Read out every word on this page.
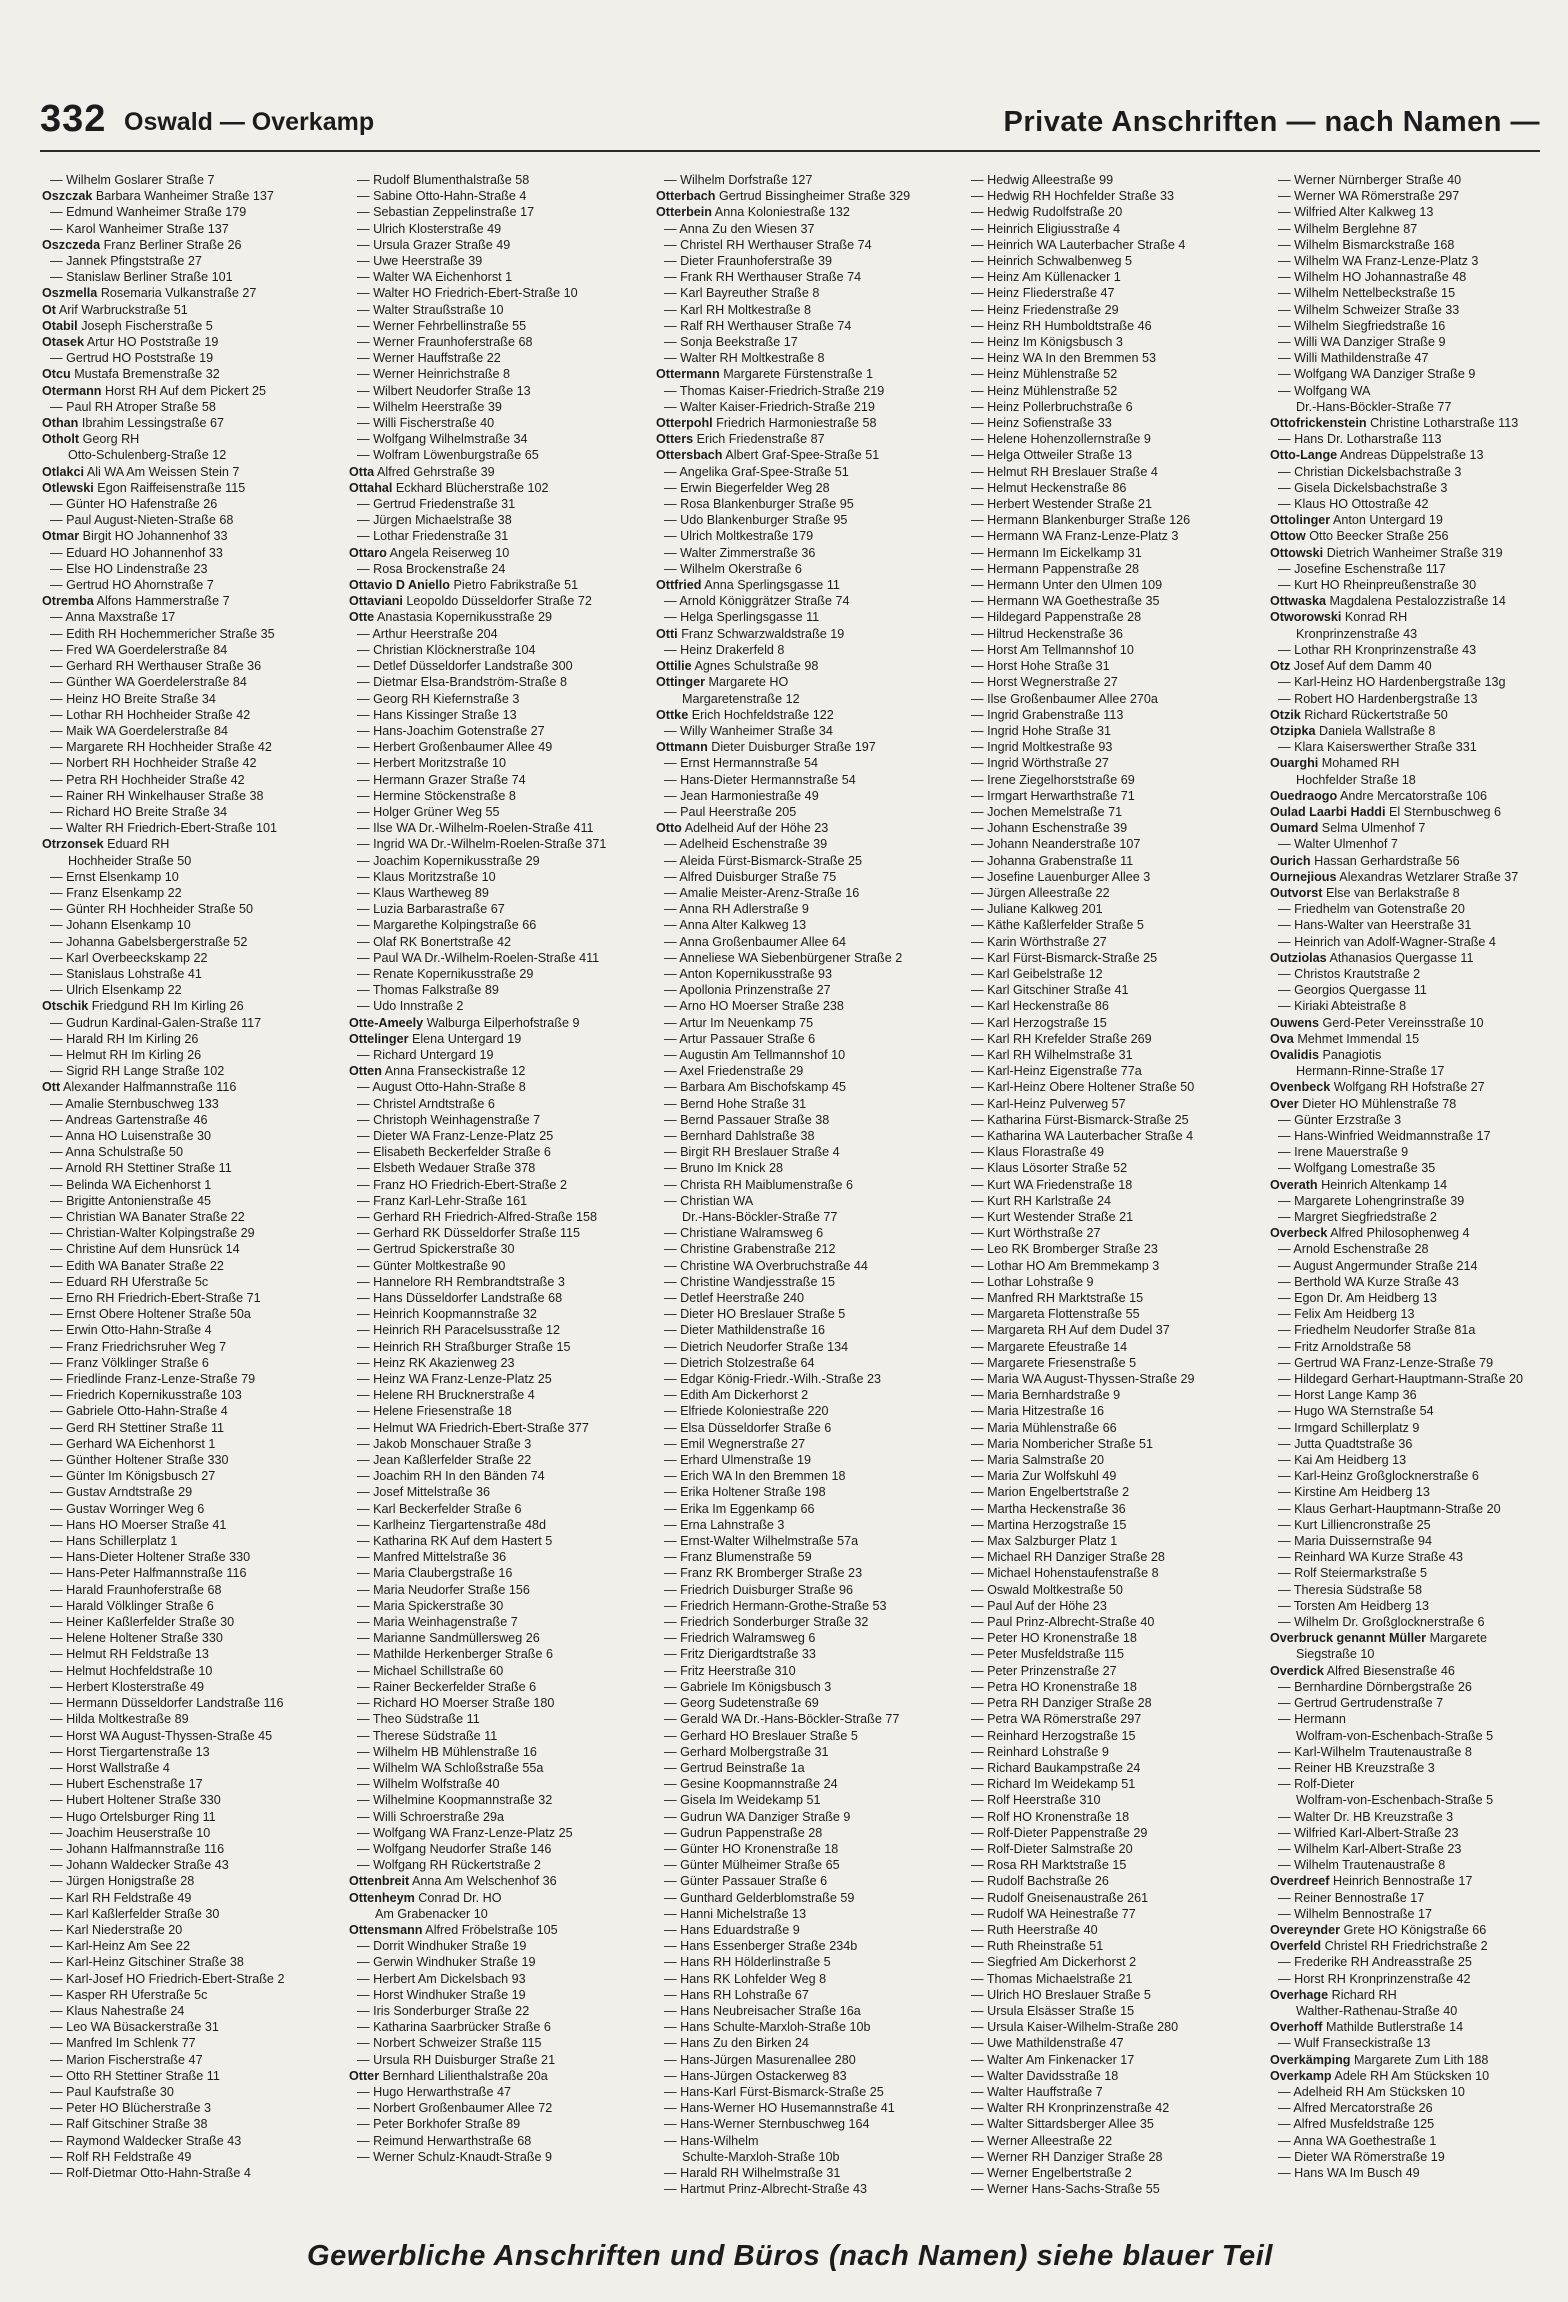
332 Oswald — Overkamp	Private Anschriften — nach Namen —
— Wilhelm Goslarer Straße 7
Oszczak Barbara Wanheimer Straße 137
— Edmund Wanheimer Straße 179
— Karol Wanheimer Straße 137
Oszczeda Franz Berliner Straße 26
— Jannek Pfingststraße 27
— Stanislaw Berliner Straße 101
Oszmella Rosemaria Vulkanstraße 27
Ot Arif Warbruckstraße 51
Otabil Joseph Fischerstraße 5
Otasek Artur HO Poststraße 19
— Gertrud HO Poststraße 19
Otcu Mustafa Bremenstraße 32
Otermann Horst RH Auf dem Pickert 25
— Paul RH Atroper Straße 58
Othan Ibrahim Lessingstraße 67
Otholt Georg RH
Otto-Schulenberg-Straße 12
Otlakci Ali WA Am Weissen Stein 7
Otlewski Egon Raiffeisenstraße 115
— Günter HO Hafenstraße 26
— Paul August-Nieten-Straße 68
Otmar Birgit HO Johannenhof 33
— Eduard HO Johannenhof 33
— Else HO Lindenstraße 23
— Gertrud HO Ahornstraße 7
Otremba Alfons Hammerstraße 7
— Anna Maxstraße 17
— Edith RH Hochemmericher Straße 35
— Fred WA Goerdelerstraße 84
— Gerhard RH Werthauser Straße 36
— Günther WA Goerdelerstraße 84
— Heinz HO Breite Straße 34
— Lothar RH Hochheider Straße 42
— Maik WA Goerdelerstraße 84
— Margarete RH Hochheider Straße 42
— Norbert RH Hochheider Straße 42
— Petra RH Hochheider Straße 42
— Rainer RH Winkelhauser Straße 38
— Richard HO Breite Straße 34
— Walter RH Friedrich-Ebert-Straße 101
Otrzonsek Eduard RH
Hochheider Straße 50
— Ernst Elsenkamp 10
— Franz Elsenkamp 22
— Günter RH Hochheider Straße 50
— Johann Elsenkamp 10
— Johanna Gabelsbergerstraße 52
— Karl Overbeeckskamp 22
— Stanislaus Lohstraße 41
— Ulrich Elsenkamp 22
Otschik Friedgund RH Im Kirling 26
— Gudrun Kardinal-Galen-Straße 117
— Harald RH Im Kirling 26
— Helmut RH Im Kirling 26
— Sigrid RH Lange Straße 102
Ott Alexander Halfmannstraße 116
— Amalie Sternbuschweg 133
— Andreas Gartenstraße 46
— Anna HO Luisenstraße 30
— Anna Schulstraße 50
— Arnold RH Stettiner Straße 11
— Belinda WA Eichenhorst 1
— Brigitte Antonienstraße 45
— Christian WA Banater Straße 22
— Christian-Walter Kolpingstraße 29
— Christine Auf dem Hunsrück 14
— Edith WA Banater Straße 22
— Eduard RH Uferstraße 5c
— Erno RH Friedrich-Ebert-Straße 71
— Ernst Obere Holtener Straße 50a
— Erwin Otto-Hahn-Straße 4
— Franz Friedrichsruher Weg 7
— Franz Völklinger Straße 6
— Friedlinde Franz-Lenze-Straße 79
— Friedrich Kopernikusstraße 103
— Gabriele Otto-Hahn-Straße 4
— Gerd RH Stettiner Straße 11
— Gerhard WA Eichenhorst 1
— Günther Holtener Straße 330
— Günter Im Königsbusch 27
— Gustav Arndtstraße 29
— Gustav Worringer Weg 6
— Hans HO Moerser Straße 41
— Hans Schillerplatz 1
— Hans-Dieter Holtener Straße 330
— Hans-Peter Halfmannstraße 116
— Harald Fraunhoferstraße 68
— Harald Völklinger Straße 6
— Heiner Kaßlerfelder Straße 30
— Helene Holtener Straße 330
— Helmut RH Feldstraße 13
— Helmut Hochfeldstraße 10
— Herbert Klosterstraße 49
— Hermann Düsseldorfer Landstraße 116
— Hilda Moltkestraße 89
— Horst WA August-Thyssen-Straße 45
— Horst Tiergartenstraße 13
— Horst Wallstraße 4
— Hubert Eschenstraße 17
— Hubert Holtener Straße 330
— Hugo Ortelsburger Ring 11
— Joachim Heuserstraße 10
— Johann Halfmannstraße 116
— Johann Waldecker Straße 43
— Jürgen Honigstraße 28
— Karl RH Feldstraße 49
— Karl Kaßlerfelder Straße 30
— Karl Niederstraße 20
— Karl-Heinz Am See 22
— Karl-Heinz Gitschiner Straße 38
— Karl-Josef HO Friedrich-Ebert-Straße 2
— Kasper RH Uferstraße 5c
— Klaus Nahestraße 24
— Leo WA Büsackerstraße 31
— Manfred Im Schlenk 77
— Marion Fischerstraße 47
— Otto RH Stettiner Straße 11
— Paul Kaufstraße 30
— Peter HO Blücherstraße 3
— Ralf Gitschiner Straße 38
— Raymond Waldecker Straße 43
— Rolf RH Feldstraße 49
— Rolf-Dietmar Otto-Hahn-Straße 4
— Rudolf Blumenthalstraße 58
— Sabine Otto-Hahn-Straße 4
— Sebastian Zeppelinstraße 17
— Ulrich Klosterstraße 49
— Ursula Grazer Straße 49
— Uwe Heerstraße 39
— Walter WA Eichenhorst 1
— Walter HO Friedrich-Ebert-Straße 10
— Walter Straußstraße 10
— Werner Fehrbellinstraße 55
— Werner Fraunhoferstraße 68
— Werner Hauffstraße 22
— Werner Heinrichstraße 8
— Wilbert Neudorfer Straße 13
— Wilhelm Heerstraße 39
— Willi Fischerstraße 40
— Wolfgang Wilhelmstraße 34
— Wolfram Löwenburgstraße 65
Otta Alfred Gehrstraße 39
Ottahal Eckhard Blücherstraße 102
— Gertrud Friedenstraße 31
— Jürgen Michaelstraße 38
— Lothar Friedenstraße 31
Ottaro Angela Reiserweg 10
— Rosa Brockenstraße 24
Ottavio D Aniello Pietro Fabrikstraße 51
Ottaviani Leopoldo Düsseldorfer Straße 72
Otte Anastasia Kopernikusstraße 29
— Arthur Heerstraße 204
— Christian Klöcknerstraße 104
— Detlef Düsseldorfer Landstraße 300
— Dietmar Elsa-Brandström-Straße 8
— Georg RH Kiefernstraße 3
— Hans Kissinger Straße 13
— Hans-Joachim Gotenstraße 27
— Herbert Großenbaumer Allee 49
— Herbert Moritzstraße 10
— Hermann Grazer Straße 74
— Hermine Stöckenstraße 8
— Holger Grüner Weg 55
— Ilse WA Dr.-Wilhelm-Roelen-Straße 411
— Ingrid WA Dr.-Wilhelm-Roelen-Straße 371
— Joachim Kopernikusstraße 29
— Klaus Moritzstraße 10
— Klaus Wartheweg 89
— Luzia Barbarastraße 67
— Margarethe Kolpingstraße 66
— Olaf RK Bonertstraße 42
— Paul WA Dr.-Wilhelm-Roelen-Straße 411
— Renate Kopernikusstraße 29
— Thomas Falkstraße 89
— Udo Innstraße 2
Otte-Ameely Walburga Eilperhofstraße 9
Ottelinger Elena Untergard 19
— Richard Untergard 19
Otten Anna Franseckistraße 12
— August Otto-Hahn-Straße 8
— Christel Arndtstraße 6
— Christoph Weinhagenstraße 7
— Dieter WA Franz-Lenze-Platz 25
— Elisabeth Beckerfelder Straße 6
— Elsbeth Wedauer Straße 378
— Franz HO Friedrich-Ebert-Straße 2
— Franz Karl-Lehr-Straße 161
— Gerhard RH Friedrich-Alfred-Straße 158
— Gerhard RK Düsseldorfer Straße 115
— Gertrud Spickerstraße 30
— Günter Moltkestraße 90
— Hannelore RH Rembrandtstraße 3
— Hans Düsseldorfer Landstraße 68
— Heinrich Koopmannstraße 32
— Heinrich RH Paracelsusstraße 12
— Heinrich RH Straßburger Straße 15
— Heinz RK Akazienweg 23
— Heinz WA Franz-Lenze-Platz 25
— Helene RH Brucknerstraße 4
— Helene Friesenstraße 18
— Helmut WA Friedrich-Ebert-Straße 377
— Jakob Monschauer Straße 3
— Jean Kaßlerfelder Straße 22
— Joachim RH In den Bänden 74
— Josef Mittelstraße 36
— Karl Beckerfelder Straße 6
— Karlheinz Tiergartenstraße 48d
— Katharina RK Auf dem Hastert 5
— Manfred Mittelstraße 36
— Maria Claubergstraße 16
— Maria Neudorfer Straße 156
— Maria Spickerstraße 30
— Maria Weinhagenstraße 7
— Marianne Sandmüllersweg 26
— Mathilde Herkenberger Straße 6
— Michael Schillstraße 60
— Rainer Beckerfelder Straße 6
— Richard HO Moerser Straße 180
— Theo Südstraße 11
— Therese Südstraße 11
— Wilhelm HB Mühlenstraße 16
— Wilhelm WA Schloßstraße 55a
— Wilhelm Wolfstraße 40
— Wilhelmine Koopmannstraße 32
— Willi Schroerstraße 29a
— Wolfgang WA Franz-Lenze-Platz 25
— Wolfgang Neudorfer Straße 146
— Wolfgang RH Rückertstraße 2
Ottenbreit Anna Am Welschenhof 36
Ottenheym Conrad Dr. HO
Am Grabenacker 10
Ottensmann Alfred Fröbelstraße 105
— Dorrit Windhuker Straße 19
— Gerwin Windhuker Straße 19
— Herbert Am Dickelsbach 93
— Horst Windhuker Straße 19
— Iris Sonderburger Straße 22
— Katharina Saarbrücker Straße 6
— Norbert Schweizer Straße 115
— Ursula RH Duisburger Straße 21
Otter Bernhard Lilienthalstraße 20a
— Hugo Herwarthstraße 47
— Norbert Großenbaumer Allee 72
— Peter Borkhofer Straße 89
— Reimund Herwarthstraße 68
— Werner Schulz-Knaudt-Straße 9
— Wilhelm Dorfstraße 127
Otterbach Gertrud Bissingheimer Straße 329
Otterbein Anna Koloniestraße 132
— Anna Zu den Wiesen 37
— Christel RH Werthauser Straße 74
— Dieter Fraunhoferstraße 39
— Frank RH Werthauser Straße 74
— Karl Bayreuther Straße 8
— Karl RH Moltkestraße 8
— Ralf RH Werthauser Straße 74
— Sonja Beekstraße 17
— Walter RH Moltkestraße 8
Ottermann Margarete Fürstenstraße 1
— Thomas Kaiser-Friedrich-Straße 219
— Walter Kaiser-Friedrich-Straße 219
Otterpohl Friedrich Harmoniestraße 58
Otters Erich Friedenstraße 87
Ottersbach Albert Graf-Spee-Straße 51
— Angelika Graf-Spee-Straße 51
— Erwin Biegerfelder Weg 28
— Rosa Blankenburger Straße 95
— Udo Blankenburger Straße 95
— Ulrich Moltkestraße 179
— Walter Zimmerstraße 36
— Wilhelm Okerstraße 6
Ottfried Anna Sperlingsgasse 11
— Arnold Königgrätzer Straße 74
— Helga Sperlingsgasse 11
Otti Franz Schwarzwaldstraße 19
— Heinz Drakerfeld 8
Ottilie Agnes Schulstraße 98
Ottinger Margarete HO
Margaretenstraße 12
Ottke Erich Hochfeldstraße 122
— Willy Wanheimer Straße 34
Ottmann Dieter Duisburger Straße 197
— Ernst Hermannstraße 54
— Hans-Dieter Hermannstraße 54
— Jean Harmoniestraße 49
— Paul Heerstraße 205
Otto Adelheid Auf der Höhe 23
— Adelheid Eschenstraße 39
— Aleida Fürst-Bismarck-Straße 25
— Alfred Duisburger Straße 75
— Amalie Meister-Arenz-Straße 16
— Anna RH Adlerstraße 9
— Anna Alter Kalkweg 13
— Anna Großenbaumer Allee 64
— Anneliese WA Siebenbürgener Straße 2
— Anton Kopernikusstraße 93
— Apollonia Prinzenstraße 27
— Arno HO Moerser Straße 238
— Artur Im Neuenkamp 75
— Artur Passauer Straße 6
— Augustin Am Tellmannshof 10
— Axel Friedenstraße 29
— Barbara Am Bischofskamp 45
— Bernd Hohe Straße 31
— Bernd Passauer Straße 38
— Bernhard Dahlstraße 38
— Birgit RH Breslauer Straße 4
— Bruno Im Knick 28
— Christa RH Maiblumenstraße 6
— Christian WA
Dr.-Hans-Böckler-Straße 77
— Christiane Walramsweg 6
— Christine Grabenstraße 212
— Christine WA Overbruchstraße 44
— Christine Wandjesstraße 15
— Detlef Heerstraße 240
— Dieter HO Breslauer Straße 5
— Dieter Mathildenstraße 16
— Dietrich Neudorfer Straße 134
— Dietrich Stolzestraße 64
— Edgar König-Friedr.-Wilh.-Straße 23
— Edith Am Dickerhorst 2
— Elfriede Koloniestraße 220
— Elsa Düsseldorfer Straße 6
— Emil Wegnerstraße 27
— Erhard Ulmenstraße 19
— Erich WA In den Bremmen 18
— Erika Holtener Straße 198
— Erika Im Eggenkamp 66
— Erna Lahnstraße 3
— Ernst-Walter Wilhelmstraße 57a
— Franz Blumenstraße 59
— Franz RK Bromberger Straße 23
— Friedrich Duisburger Straße 96
— Friedrich Hermann-Grothe-Straße 53
— Friedrich Sonderburger Straße 32
— Friedrich Walramsweg 6
— Fritz Dierigardtstraße 33
— Fritz Heerstraße 310
— Gabriele Im Königsbusch 3
— Georg Sudetenstraße 69
— Gerald WA Dr.-Hans-Böckler-Straße 77
— Gerhard HO Breslauer Straße 5
— Gerhard Molbergstraße 31
— Gertrud Beinstraße 1a
— Gesine Koopmannstraße 24
— Gisela Im Weidekamp 51
— Gudrun WA Danziger Straße 9
— Gudrun Pappenstraße 28
— Günter HO Kronenstraße 18
— Günter Mülheimer Straße 65
— Günter Passauer Straße 6
— Gunthard Gelderblomstraße 59
— Hanni Michelstraße 13
— Hans Eduardstraße 9
— Hans Essenberger Straße 234b
— Hans RH Hölderlinstraße 5
— Hans RK Lohfelder Weg 8
— Hans RH Lohstraße 67
— Hans Neubreisacher Straße 16a
— Hans Schulte-Marxloh-Straße 10b
— Hans Zu den Birken 24
— Hans-Jürgen Masurenallee 280
— Hans-Jürgen Ostackerweg 83
— Hans-Karl Fürst-Bismarck-Straße 25
— Hans-Werner HO Husemannstraße 41
— Hans-Werner Sternbuschweg 164
— Hans-Wilhelm
Schulte-Marxloh-Straße 10b
— Harald RH Wilhelmstraße 31
— Hartmut Prinz-Albrecht-Straße 43
— Hedwig Alleestraße 99
— Hedwig RH Hochfelder Straße 33
— Hedwig Rudolfstraße 20
— Heinrich Eligiusstraße 4
— Heinrich WA Lauterbacher Straße 4
— Heinrich Schwalbenweg 5
— Heinz Am Küllenacker 1
— Heinz Fliederstraße 47
— Heinz Friedenstraße 29
— Heinz RH Humboldtstraße 46
— Heinz Im Königsbusch 3
— Heinz WA In den Bremmen 53
— Heinz Mühlenstraße 52
— Heinz Mühlenstraße 52
— Heinz Pollerbruchstraße 6
— Heinz Sofienstraße 33
— Helene Hohenzollernstraße 9
— Helga Ottweiler Straße 13
— Helmut RH Breslauer Straße 4
— Helmut Heckenstraße 86
— Herbert Westender Straße 21
— Hermann Blankenburger Straße 126
— Hermann WA Franz-Lenze-Platz 3
— Hermann Im Eickelkamp 31
— Hermann Pappenstraße 28
— Hermann Unter den Ulmen 109
— Hermann WA Goethestraße 35
— Hildegard Pappenstraße 28
— Hiltrud Heckenstraße 36
— Horst Am Tellmannshof 10
— Horst Hohe Straße 31
— Horst Wegnerstraße 27
— Ilse Großenbaumer Allee 270a
— Ingrid Grabenstraße 113
— Ingrid Hohe Straße 31
— Ingrid Moltkestraße 93
— Ingrid Wörthstraße 27
— Irene Ziegelhorststraße 69
— Irmgart Herwarthstraße 71
— Jochen Memelstraße 71
— Johann Eschenstraße 39
— Johann Neanderstraße 107
— Johanna Grabenstraße 11
— Josefine Lauenburger Allee 3
— Jürgen Alleestraße 22
— Juliane Kalkweg 201
— Käthe Kaßlerfelder Straße 5
— Karin Wörthstraße 27
— Karl Fürst-Bismarck-Straße 25
— Karl Geibelstraße 12
— Karl Gitschiner Straße 41
— Karl Heckenstraße 86
— Karl Herzogstraße 15
— Karl RH Krefelder Straße 269
— Karl RH Wilhelmstraße 31
— Karl-Heinz Eigenstraße 77a
— Karl-Heinz Obere Holtener Straße 50
— Karl-Heinz Pulverweg 57
— Katharina Fürst-Bismarck-Straße 25
— Katharina WA Lauterbacher Straße 4
— Klaus Florastraße 49
— Klaus Lösorter Straße 52
— Kurt WA Friedenstraße 18
— Kurt RH Karlstraße 24
— Kurt Westender Straße 21
— Kurt Wörthstraße 27
— Leo RK Bromberger Straße 23
— Lothar HO Am Bremmekamp 3
— Lothar Lohstraße 9
— Manfred RH Marktstraße 15
— Margareta Flottenstraße 55
— Margareta RH Auf dem Dudel 37
— Margarete Efeustraße 14
— Margarete Friesenstraße 5
— Maria WA August-Thyssen-Straße 29
— Maria Bernhardstraße 9
— Maria Hitzestraße 16
— Maria Mühlenstraße 66
— Maria Nombericher Straße 51
— Maria Salmstraße 20
— Maria Zur Wolfskuhl 49
— Marion Engelbertstraße 2
— Martha Heckenstraße 36
— Martina Herzogstraße 15
— Max Salzburger Platz 1
— Michael RH Danziger Straße 28
— Michael Hohenstaufenstraße 8
— Oswald Moltkestraße 50
— Paul Auf der Höhe 23
— Paul Prinz-Albrecht-Straße 40
— Peter HO Kronenstraße 18
— Peter Musfeldstraße 115
— Peter Prinzenstraße 27
— Petra HO Kronenstraße 18
— Petra RH Danziger Straße 28
— Petra WA Römerstraße 297
— Reinhard Herzogstraße 15
— Reinhard Lohstraße 9
— Richard Baukampstraße 24
— Richard Im Weidekamp 51
— Rolf Heerstraße 310
— Rolf HO Kronenstraße 18
— Rolf-Dieter Pappenstraße 29
— Rolf-Dieter Salmstraße 20
— Rosa RH Marktstraße 15
— Rudolf Bachstraße 26
— Rudolf Gneisenaustraße 261
— Rudolf WA Heinestraße 77
— Ruth Heerstraße 40
— Ruth Rheinstraße 51
— Siegfried Am Dickerhorst 2
— Thomas Michaelstraße 21
— Ulrich HO Breslauer Straße 5
— Ursula Elsässer Straße 15
— Ursula Kaiser-Wilhelm-Straße 280
— Uwe Mathildenstraße 47
— Walter Am Finkenacker 17
— Walter Davidsstraße 18
— Walter Hauffstraße 7
— Walter RH Kronprinzenstraße 42
— Walter Sittardsberger Allee 35
— Werner Alleestraße 22
— Werner RH Danziger Straße 28
— Werner Engelbertstraße 2
— Werner Hans-Sachs-Straße 55
— Werner Nürnberger Straße 40
— Werner WA Römerstraße 297
— Wilfried Alter Kalkweg 13
— Wilhelm Berglehne 87
— Wilhelm Bismarckstraße 168
— Wilhelm WA Franz-Lenze-Platz 3
— Wilhelm HO Johannastraße 48
— Wilhelm Nettelbeckstraße 15
— Wilhelm Schweizer Straße 33
— Wilhelm Siegfriedstraße 16
— Willi WA Danziger Straße 9
— Willi Mathildenstraße 47
— Wolfgang WA Danziger Straße 9
— Wolfgang WA
Dr.-Hans-Böckler-Straße 77
Ottofrickenstein Christine Lotharstraße 113
— Hans Dr. Lotharstraße 113
Otto-Lange Andreas Düppelstraße 13
— Christian Dickelsbachstraße 3
— Gisela Dickelsbachstraße 3
— Klaus HO Ottostraße 42
Ottolinger Anton Untergard 19
Ottow Otto Beecker Straße 256
Ottowski Dietrich Wanheimer Straße 319
— Josefine Eschenstraße 117
— Kurt HO Rheinpreußenstraße 30
Ottwaska Magdalena Pestalozzistraße 14
Otworowski Konrad RH
Kronprinzenstraße 43
— Lothar RH Kronprinzenstraße 43
Otz Josef Auf dem Damm 40
— Karl-Heinz HO Hardenbergstraße 13g
— Robert HO Hardenbergstraße 13
Otzik Richard Rückertstraße 50
Otzipka Daniela Wallstraße 8
— Klara Kaiserswerther Straße 331
Ouarghi Mohamed RH
Hochfelder Straße 18
Ouedraogo Andre Mercatorstraße 106
Oulad Laarbi Haddi El Sternbuschweg 6
Oumard Selma Ulmenhof 7
— Walter Ulmenhof 7
Ourich Hassan Gerhardstraße 56
Ournejious Alexandras Wetzlarer Straße 37
Outvorst Else van Berlakstraße 8
— Friedhelm van Gotenstraße 20
— Hans-Walter van Heerstraße 31
— Heinrich van Adolf-Wagner-Straße 4
Outziolas Athanasios Quergasse 11
— Christos Krautstraße 2
— Georgios Quergasse 11
— Kiriaki Abteistraße 8
Ouwens Gerd-Peter Vereinsstraße 10
Ova Mehmet Immendal 15
Ovalidis Panagiotis
Hermann-Rinne-Straße 17
Ovenbeck Wolfgang RH Hofstraße 27
Over Dieter HO Mühlenstraße 78
— Günter Erzstraße 3
— Hans-Winfried Weidmannstraße 17
— Irene Mauerstraße 9
— Wolfgang Lomestraße 35
Overath Heinrich Altenkamp 14
— Margarete Lohengrinstraße 39
— Margret Siegfriedstraße 2
Overbeck Alfred Philosophenweg 4
— Arnold Eschenstraße 28
— August Angermunder Straße 214
— Berthold WA Kurze Straße 43
— Egon Dr. Am Heidberg 13
— Felix Am Heidberg 13
— Friedhelm Neudorfer Straße 81a
— Fritz Arnoldstraße 58
— Gertrud WA Franz-Lenze-Straße 79
— Hildegard Gerhart-Hauptmann-Straße 20
— Horst Lange Kamp 36
— Hugo WA Sternstraße 54
— Irmgard Schillerplatz 9
— Jutta Quadtstraße 36
— Kai Am Heidberg 13
— Karl-Heinz Großglocknerstraße 6
— Kirstine Am Heidberg 13
— Klaus Gerhart-Hauptmann-Straße 20
— Kurt Lilliencronstraße 25
— Maria Duissernstraße 94
— Reinhard WA Kurze Straße 43
— Rolf Steiermarkstraße 5
— Theresia Südstraße 58
— Torsten Am Heidberg 13
— Wilhelm Dr. Großglocknerstraße 6
Overbruck genannt Müller Margarete
Siegstraße 10
Overdick Alfred Biesenstraße 46
— Bernhardine Dörnbergstraße 26
— Gertrud Gertrudenstraße 7
— Hermann
Wolfram-von-Eschenbach-Straße 5
— Karl-Wilhelm Trautenaustraße 8
— Reiner HB Kreuzstraße 3
— Rolf-Dieter
Wolfram-von-Eschenbach-Straße 5
— Walter Dr. HB Kreuzstraße 3
— Wilfried Karl-Albert-Straße 23
— Wilhelm Karl-Albert-Straße 23
— Wilhelm Trautenaustraße 8
Overdreef Heinrich Bennostraße 17
— Reiner Bennostraße 17
— Wilhelm Bennostraße 17
Overeynder Grete HO Königstraße 66
Overfeld Christel RH Friedrichstraße 2
— Frederike RH Andreasstraße 25
— Horst RH Kronprinzenstraße 42
Overhage Richard RH
Walther-Rathenau-Straße 40
Overhoff Mathilde Butlerstraße 14
— Wulf Franseckistraße 13
Overkämping Margarete Zum Lith 188
Overkamp Adele RH Am Stücksken 10
— Adelheid RH Am Stücksken 10
— Alfred Mercatorstraße 26
— Alfred Musfeldstraße 125
— Anna WA Goethestraße 1
— Dieter WA Römerstraße 19
— Hans WA Im Busch 49
Gewerbliche Anschriften und Büros (nach Namen) siehe blauer Teil
